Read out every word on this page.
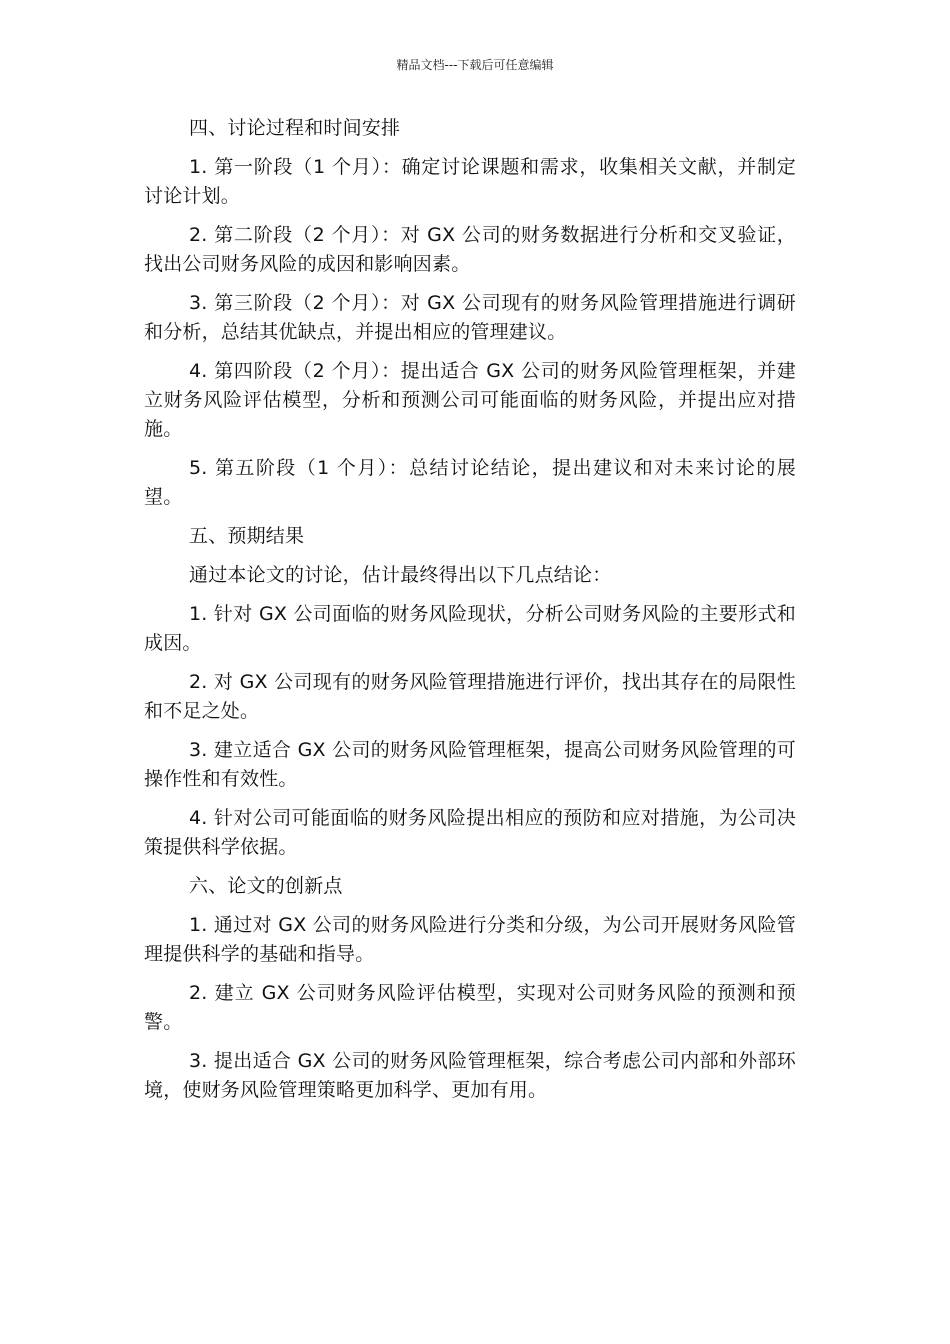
精品文档---下载后可任意编辑

四、讨论过程和时间安排

1. 第一阶段（1 个月）：确定讨论课题和需求，收集相关文献，并制定讨论计划。

2. 第二阶段（2 个月）：对 GX 公司的财务数据进行分析和交叉验证，找出公司财务风险的成因和影响因素。

3. 第三阶段（2 个月）：对 GX 公司现有的财务风险管理措施进行调研和分析，总结其优缺点，并提出相应的管理建议。

4. 第四阶段（2 个月）：提出适合 GX 公司的财务风险管理框架，并建立财务风险评估模型，分析和预测公司可能面临的财务风险，并提出应对措施。

5. 第五阶段（1 个月）：总结讨论结论，提出建议和对未来讨论的展望。

五、预期结果

通过本论文的讨论，估计最终得出以下几点结论：

1. 针对 GX 公司面临的财务风险现状，分析公司财务风险的主要形式和成因。

2. 对 GX 公司现有的财务风险管理措施进行评价，找出其存在的局限性和不足之处。

3. 建立适合 GX 公司的财务风险管理框架，提高公司财务风险管理的可操作性和有效性。

4. 针对公司可能面临的财务风险提出相应的预防和应对措施，为公司决策提供科学依据。

六、论文的创新点

1. 通过对 GX 公司的财务风险进行分类和分级，为公司开展财务风险管理提供科学的基础和指导。

2. 建立 GX 公司财务风险评估模型，实现对公司财务风险的预测和预警。

3. 提出适合 GX 公司的财务风险管理框架，综合考虑公司内部和外部环境，使财务风险管理策略更加科学、更加有用。
